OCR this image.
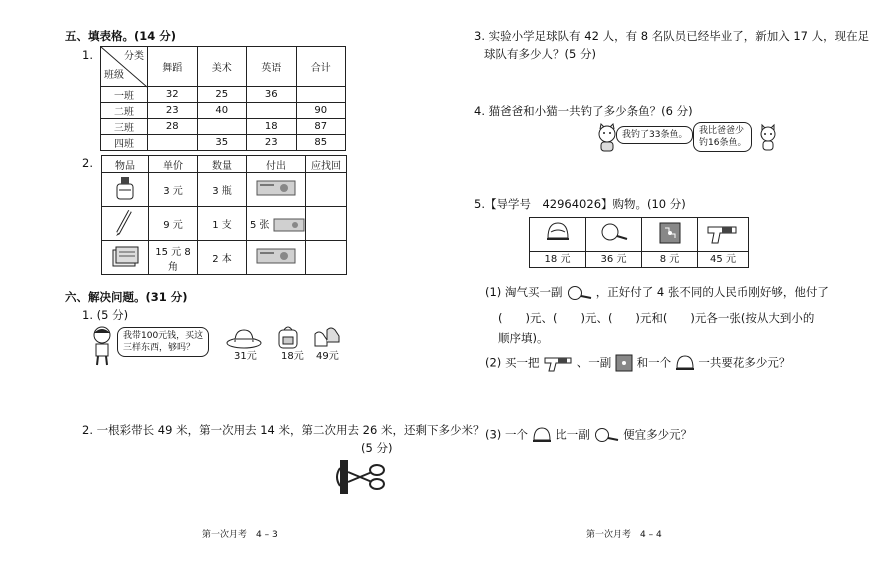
五、填表格。(14 分)
1.	分类
班级	舞蹈	美术	英语	合计
一班	32	25	36	
二班	23	40		90
三班	28		18	87
四班		35	23	85
2. 物品	单价	数量	付出	应找回
	3 元	3 瓶		
	9 元	1 支	5 张	
	15 元 8 角	2 本		
六、解决问题。(31 分)
1. (5 分)
我带100元钱，买这
三样东西，够吗？
31元 18元 49元
2. 一根彩带长 49 米，第一次用去 14 米，第二次用去 26 米，还剩下多少米？
(5 分)
第一次月考　4 – 3
3. 实验小学足球队有 42 人，有 8 名队员已经毕业了，新加入 17 人，现在足
球队有多少人？(5 分)
4. 猫爸爸和小猫一共钓了多少条鱼？(6 分)
我钓了33条鱼。	我比爸爸少
钓16条鱼。
5.【导学号　42964026】购物。(10 分)

18 元	36 元	8 元	45 元
(1) 淘气买一副	，正好付了 4 张不同的人民币刚好够，他付了
(　　)元、(　　)元、(　　)元和(　　)元各一张(按从大到小的
顺序填)。
(2) 买一把	、一副 和一个 一共要花多少元？
(3) 一个 比一副	便宜多少元？
第一次月考　4 – 4
